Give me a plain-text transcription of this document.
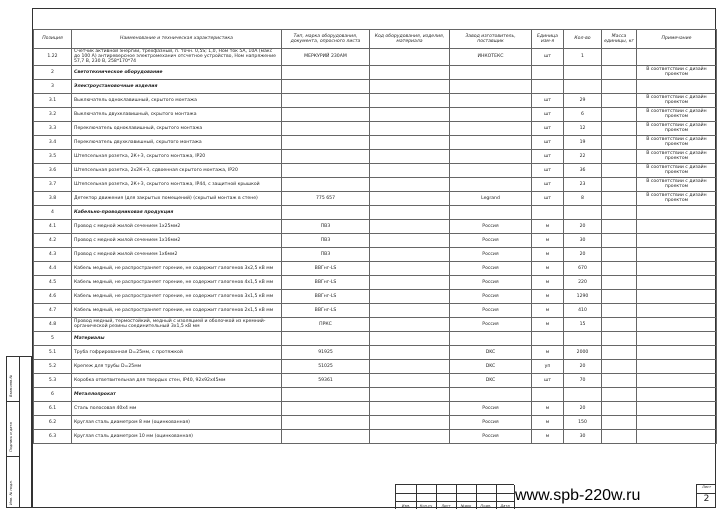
Позиция	Наименование и техническая характеристика	Тип, марка оборудования, документа, опросного листа	Код оборудования, изделия, материала	Завод изготовитель, поставщик	Единица изм-я	Кол-во	Масса единицы, кг	Примечание
1.22	Счетчик активной энергии, трехфазный, п. точн. 0,5S; 1,0, Ном ток 5А, 10А (макс до 100 А) антиреверсное электромеханич отсчетное устройство, Ном напряжение 57,7 В, 230 В, 258*170*74	МЕРКУРИЙ 230АМ		ИНКОТЕКС	шт	1		
2	Светотехническое оборудование							В соответствии с дизайн проектом
3	Электроустановочные изделия							
3.1	Выключатель одноклавишный, скрытого монтажа				шт	29		В соответствии с дизайн проектом
3.2	Выключатель двухклавишный, скрытого монтажа				шт	6		В соответствии с дизайн проектом
3.3	Переключатель одноклавишный, скрытого монтажа				шт	12		В соответствии с дизайн проектом
3.4	Переключатель двухклавишный, скрытого монтажа				шт	19		В соответствии с дизайн проектом
3.5	Штепсельная розетка, 2К+З, скрытого монтажа, IP20				шт	22		В соответствии с дизайн проектом
3.6	Штепсельная розетка, 2х2К+З, сдвоенная скрытого монтажа, IP20				шт	36		В соответствии с дизайн проектом
3.7	Штепсельная розетка, 2К+З, скрытого монтажа, IP44, с защитной крышкой				шт	23		В соответствии с дизайн проектом
3.8	Детектор движения (для закрытых помещений) (скрытый монтаж в стене)	775 657		Legrand	шт	8		В соответствии с дизайн проектом
4	Кабельно-проводниковая продукция							
4.1	Провод с медной жилой сечением 1х25мм2	ПВЗ		Россия	м	20		
4.2	Провод с медной жилой сечением 1х16мм2	ПВЗ		Россия	м	30		
4.3	Провод с медной жилой сечением 1х6мм2	ПВЗ		Россия	м	20		
4.4	Кабель медный, не распространяет горение, не содержит галогенов 3х2,5 кВ мм	ВВГнг-LS		Россия	м	670		
4.5	Кабель медный, не распространяет горение, не содержит галогенов 4х1,5 кВ мм	ВВГнг-LS		Россия	м	220		
4.6	Кабель медный, не распространяет горение, не содержит галогенов 3х1,5 кВ мм	ВВГнг-LS		Россия	м	1290		
4.7	Кабель медный, не распространяет горение, не содержит галогенов 2х1,5 кВ мм	ВВГнг-LS		Россия	м	410		
4.8	Провод медный, термостойкий, медный с изоляцией и оболочкой из кремний-органической резины соединительный 3х1,5 кВ мм	ПРКС		Россия	м	15		
5	Материалы							
5.1	Труба гофрированная D=25мм, с протяжкой	91925		DKC	м	2000		
5.2	Крепеж для трубы D=25мм	51025		DKC	уп	20		
5.3	Коробка ответвительная для твердых стен, IP40, 92х92х45мм	59361		DKC	шт	70		
6	Металлопрокат							
6.1	Сталь полосовая 40х4 мм			Россия	м	20		
6.2	Круглая сталь диаметром 8 мм (оцинкованная)			Россия	м	150		
6.3	Круглая сталь диаметром 10 мм (оцинкованная)			Россия	м	30		
Взам.инв.№
Подпись и дата
Инв. № подл.
Изм.	Кол.уч	Лист	№док	Подп.	Дата
www.spb-220w.ru	Лист
2
